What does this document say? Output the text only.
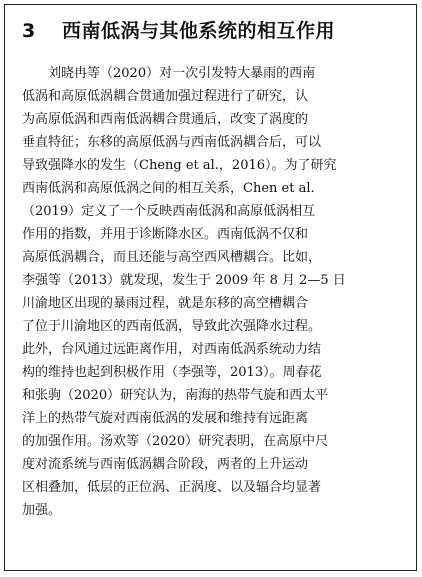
3	西南低涡与其他系统的相互作用
刘晓冉等（2020）对一次引发特大暴雨的西南
低涡和高原低涡耦合贯通加强过程进行了研究，认
为高原低涡和西南低涡耦合贯通后，改变了涡度的
垂直特征；东移的高原低涡与西南低涡耦合后，可以
导致强降水的发生（Cheng et al.，2016）。为了研究
西南低涡和高原低涡之间的相互关系，Chen et al.
（2019）定义了一个反映西南低涡和高原低涡相互
作用的指数，并用于诊断降水区。西南低涡不仅和
高原低涡耦合，而且还能与高空西风槽耦合。比如，
李强等（2013）就发现，发生于 2009 年 8 月 2—5 日
川渝地区出现的暴雨过程，就是东移的高空槽耦合
了位于川渝地区的西南低涡，导致此次强降水过程。
此外，台风通过远距离作用，对西南低涡系统动力结
构的维持也起到积极作用（李强等，2013）。周春花
和张驹（2020）研究认为，南海的热带气旋和西太平
洋上的热带气旋对西南低涡的发展和维持有远距离
的加强作用。汤欢等（2020）研究表明，在高原中尺
度对流系统与西南低涡耦合阶段，两者的上升运动
区相叠加，低层的正位涡、正涡度、以及辐合均显著
加强。
